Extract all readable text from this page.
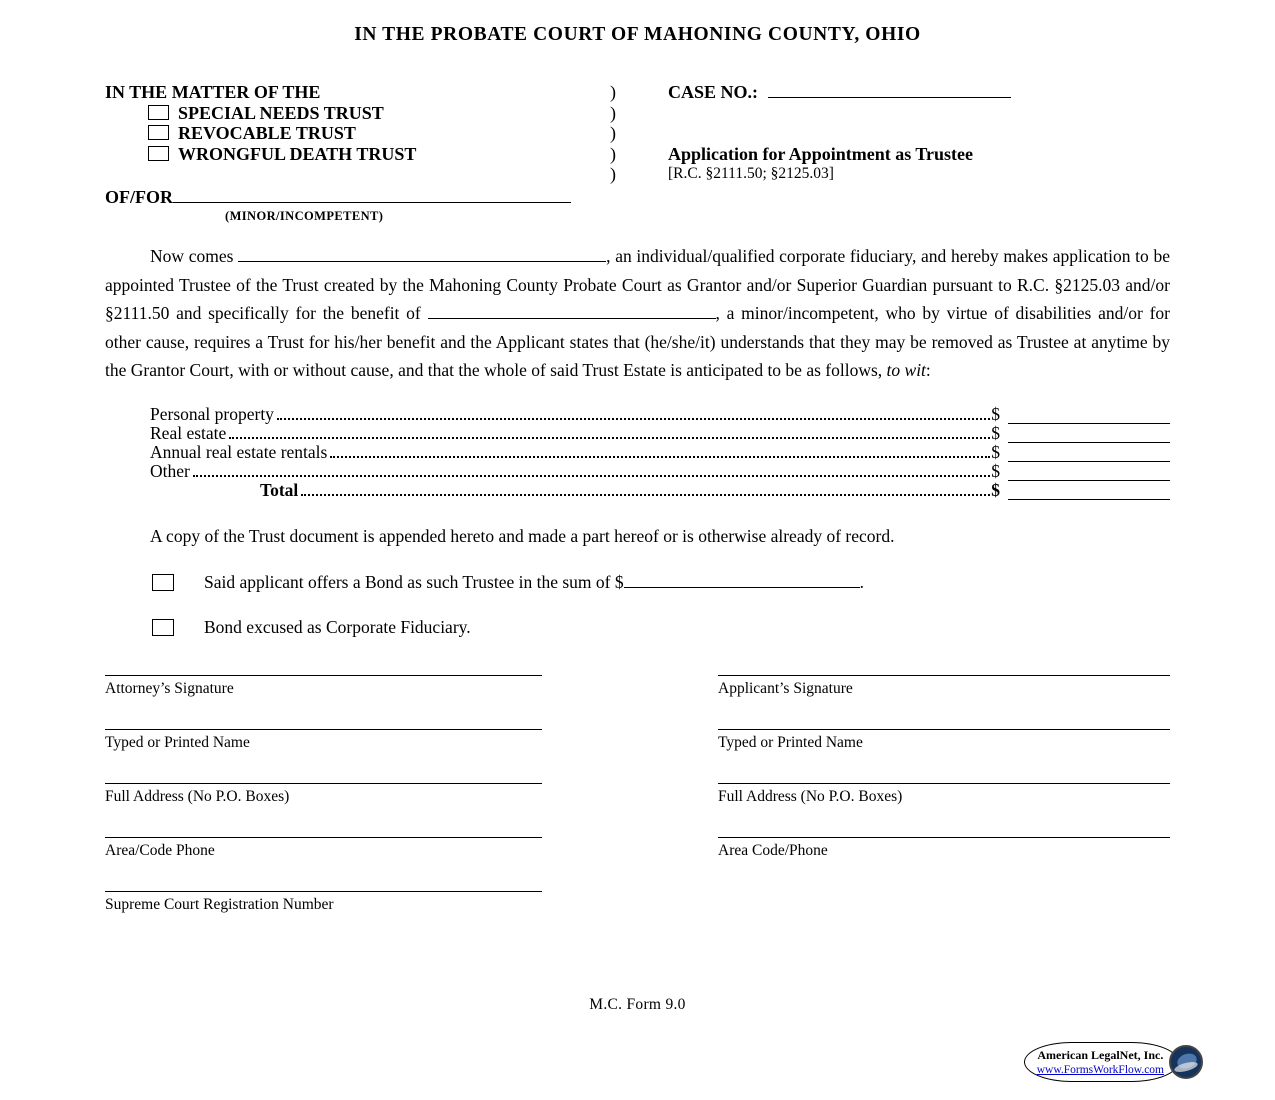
IN THE PROBATE COURT OF MAHONING COUNTY, OHIO
IN THE MATTER OF THE
SPECIAL NEEDS TRUST
REVOCABLE TRUST
WRONGFUL DEATH TRUST
)
)
)
)
)
CASE NO.:
Application for Appointment as Trustee
[R.C. §2111.50; §2125.03]
OF/FOR
(MINOR/INCOMPETENT)
Now comes	, an individual/qualified corporate fiduciary, and hereby makes application to be appointed Trustee of the Trust created by the Mahoning County Probate Court as Grantor and/or Superior Guardian pursuant to R.C. §2125.03 and/or §2111.50 and specifically for the benefit of	, a minor/incompetent, who by virtue of disabilities and/or for other cause, requires a Trust for his/her benefit and the Applicant states that (he/she/it) understands that they may be removed as Trustee at anytime by the Grantor Court, with or without cause, and that the whole of said Trust Estate is anticipated to be as follows, to wit:
Personal property	$
Real estate	$
Annual real estate rentals	$
Other	$
Total	$
A copy of the Trust document is appended hereto and made a part hereof or is otherwise already of record.
Said applicant offers a Bond as such Trustee in the sum of $	.
Bond excused as Corporate Fiduciary.
Attorney’s Signature
Typed or Printed Name
Full Address (No P.O. Boxes)
Area/Code Phone
Supreme Court Registration Number
Applicant’s Signature
Typed or Printed Name
Full Address (No P.O. Boxes)
Area Code/Phone
M.C. Form 9.0
American LegalNet, Inc.
www.FormsWorkFlow.com
